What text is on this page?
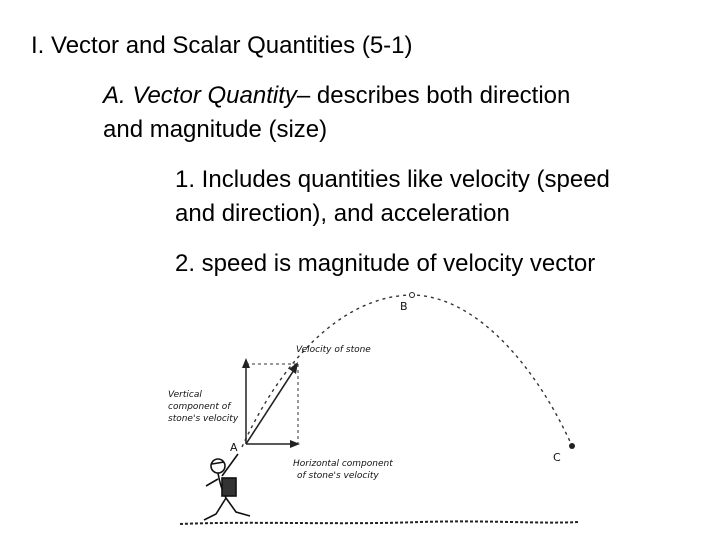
I. Vector and Scalar Quantities (5-1)
A. Vector Quantity– describes both direction
and magnitude (size)
1. Includes quantities like velocity (speed
and direction), and acceleration
2. speed is magnitude of velocity vector
B
C
A
Velocity of stone
Vertical
component of
stone's velocity
Horizontal component
of stone's velocity
